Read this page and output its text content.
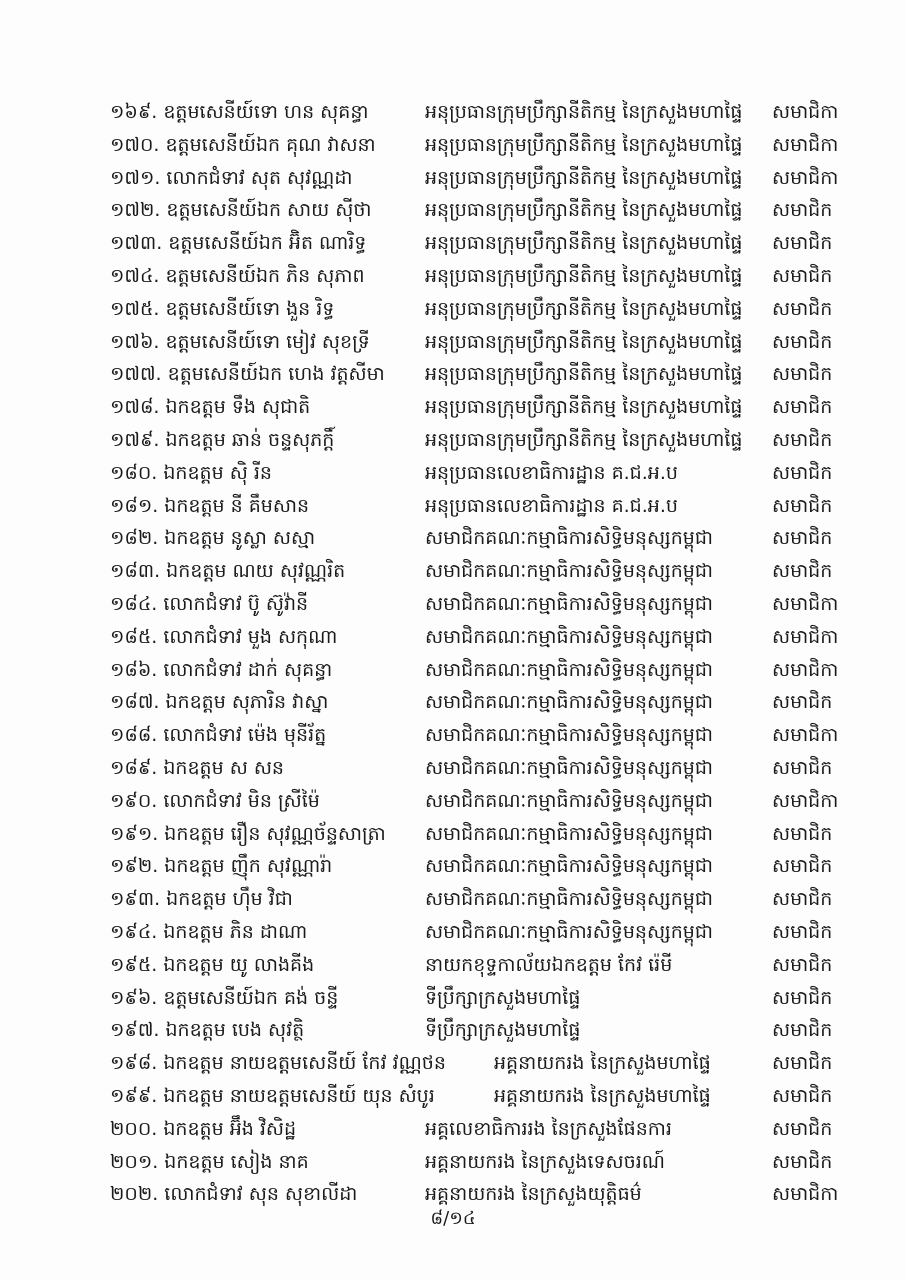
១៦៩. ឧត្តមសេនីយ៍ទោ ហន សុគន្ធា	អនុប្រធានក្រុមប្រឹក្សានីតិកម្ម នៃក្រសួងមហាផ្ទៃ	សមាជិកា
១៧០. ឧត្តមសេនីយ៍ឯក គុណ វាសនា	អនុប្រធានក្រុមប្រឹក្សានីតិកម្ម នៃក្រសួងមហាផ្ទៃ	សមាជិកា
១៧១. លោកជំទាវ សុត សុវណ្ណដា	អនុប្រធានក្រុមប្រឹក្សានីតិកម្ម នៃក្រសួងមហាផ្ទៃ	សមាជិកា
១៧២. ឧត្តមសេនីយ៍ឯក សាយ ស៊ីថា	អនុប្រធានក្រុមប្រឹក្សានីតិកម្ម នៃក្រសួងមហាផ្ទៃ	សមាជិក
១៧៣. ឧត្តមសេនីយ៍ឯក អ៊ិត ណារិទ្ធ	អនុប្រធានក្រុមប្រឹក្សានីតិកម្ម នៃក្រសួងមហាផ្ទៃ	សមាជិក
១៧៤. ឧត្តមសេនីយ៍ឯក ភិន សុភាព	អនុប្រធានក្រុមប្រឹក្សានីតិកម្ម នៃក្រសួងមហាផ្ទៃ	សមាជិក
១៧៥. ឧត្តមសេនីយ៍ទោ ងួន រិទ្ធ	អនុប្រធានក្រុមប្រឹក្សានីតិកម្ម នៃក្រសួងមហាផ្ទៃ	សមាជិក
១៧៦. ឧត្តមសេនីយ៍ទោ មៀវ សុខទ្រី	អនុប្រធានក្រុមប្រឹក្សានីតិកម្ម នៃក្រសួងមហាផ្ទៃ	សមាជិក
១៧៧. ឧត្តមសេនីយ៍ឯក ហេង វត្តសីមា	អនុប្រធានក្រុមប្រឹក្សានីតិកម្ម នៃក្រសួងមហាផ្ទៃ	សមាជិក
១៧៨. ឯកឧត្តម ទឹង សុជាតិ	អនុប្រធានក្រុមប្រឹក្សានីតិកម្ម នៃក្រសួងមហាផ្ទៃ	សមាជិក
១៧៩. ឯកឧត្តម ឆាន់ ចន្ទសុភក្តិ៍	អនុប្រធានក្រុមប្រឹក្សានីតិកម្ម នៃក្រសួងមហាផ្ទៃ	សមាជិក
១៨០. ឯកឧត្តម ស៊ិ រីន	អនុប្រធានលេខាធិការដ្ឋាន គ.ជ.អ.ប	សមាជិក
១៨១. ឯកឧត្តម នី គឹមសាន	អនុប្រធានលេខាធិការដ្ឋាន គ.ជ.អ.ប	សមាជិក
១៨២. ឯកឧត្តម នូស្លា សស្មា	សមាជិកគណៈកម្មាធិការសិទ្ធិមនុស្សកម្ពុជា	សមាជិក
១៨៣. ឯកឧត្តម ណយ សុវណ្ណរិត	សមាជិកគណៈកម្មាធិការសិទ្ធិមនុស្សកម្ពុជា	សមាជិក
១៨៤. លោកជំទាវ ប៊ូ ស៊ូវ៉ានី	សមាជិកគណៈកម្មាធិការសិទ្ធិមនុស្សកម្ពុជា	សមាជិកា
១៨៥. លោកជំទាវ មួង សកុណា	សមាជិកគណៈកម្មាធិការសិទ្ធិមនុស្សកម្ពុជា	សមាជិកា
១៨៦. លោកជំទាវ ដាក់ សុគន្ធា	សមាជិកគណៈកម្មាធិការសិទ្ធិមនុស្សកម្ពុជា	សមាជិកា
១៨៧. ឯកឧត្តម សុភារិន វាស្នា	សមាជិកគណៈកម្មាធិការសិទ្ធិមនុស្សកម្ពុជា	សមាជិក
១៨៨. លោកជំទាវ ម៉េង មុនីរ័ត្ន	សមាជិកគណៈកម្មាធិការសិទ្ធិមនុស្សកម្ពុជា	សមាជិកា
១៨៩. ឯកឧត្តម ស សន	សមាជិកគណៈកម្មាធិការសិទ្ធិមនុស្សកម្ពុជា	សមាជិក
១៩០. លោកជំទាវ មិន ស្រីម៉ៃ	សមាជិកគណៈកម្មាធិការសិទ្ធិមនុស្សកម្ពុជា	សមាជិកា
១៩១. ឯកឧត្តម រឿន សុវណ្ណច័ន្ទសាត្រា	សមាជិកគណៈកម្មាធិការសិទ្ធិមនុស្សកម្ពុជា	សមាជិក
១៩២. ឯកឧត្តម ញ៉ឹក សុវណ្ណារ៉ា	សមាជិកគណៈកម្មាធិការសិទ្ធិមនុស្សកម្ពុជា	សមាជិក
១៩៣. ឯកឧត្តម ហ៊ឹម វិជា	សមាជិកគណៈកម្មាធិការសិទ្ធិមនុស្សកម្ពុជា	សមាជិក
១៩៤. ឯកឧត្តម ភិន ដាណា	សមាជិកគណៈកម្មាធិការសិទ្ធិមនុស្សកម្ពុជា	សមាជិក
១៩៥. ឯកឧត្តម យូ លាងគីង	នាយកខុទ្ទកាល័យឯកឧត្តម កែវ រ៉េមី	សមាជិក
១៩៦. ឧត្តមសេនីយ៍ឯក គង់ ចន្ទី	ទីប្រឹក្សាក្រសួងមហាផ្ទៃ	សមាជិក
១៩៧. ឯកឧត្តម បេង សុវត្ថិ	ទីប្រឹក្សាក្រសួងមហាផ្ទៃ	សមាជិក
១៩៨. ឯកឧត្តម នាយឧត្តមសេនីយ៍ កែវ វណ្ណថន	អគ្គនាយករង នៃក្រសួងមហាផ្ទៃ	សមាជិក
១៩៩. ឯកឧត្តម នាយឧត្តមសេនីយ៍ យុន សំបូរ	អគ្គនាយករង នៃក្រសួងមហាផ្ទៃ	សមាជិក
២០០. ឯកឧត្តម អ៊ឹង វិសិដ្ឋ	អគ្គលេខាធិការរង នៃក្រសួងផែនការ	សមាជិក
២០១. ឯកឧត្តម សៀង នាគ	អគ្គនាយករង នៃក្រសួងទេសចរណ៍	សមាជិក
២០២. លោកជំទាវ សុន សុខាលីដា	អគ្គនាយករង នៃក្រសួងយុត្តិធម៌	សមាជិកា
៨/១៤
